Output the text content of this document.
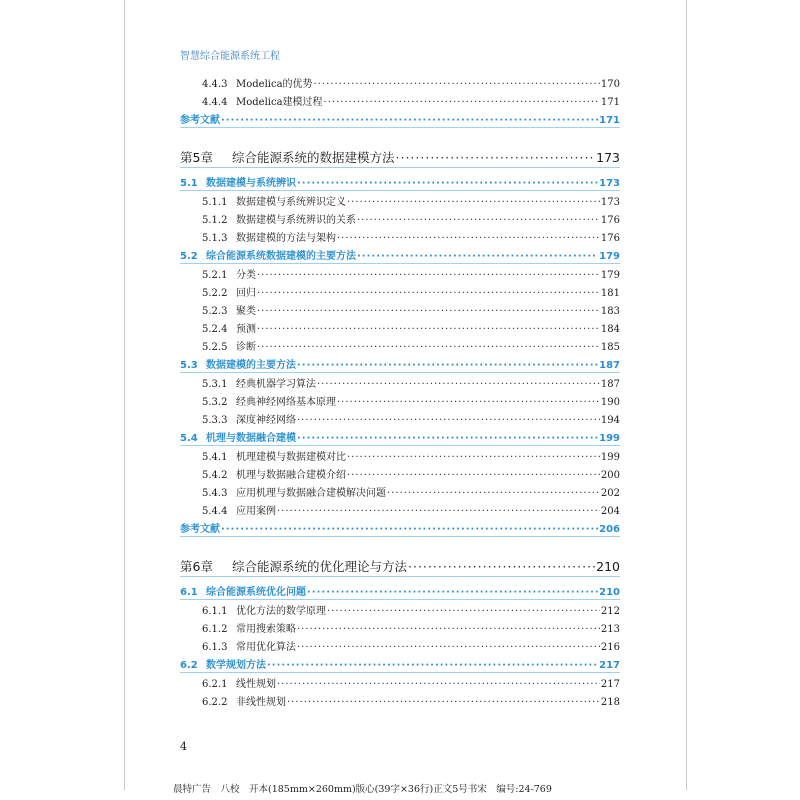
智慧综合能源系统工程
4.4.3 Modelica的优势 ·····	170
4.4.4 Modelica建模过程 ·····	171
参考文献 ·····	171
第5章 综合能源系统的数据建模方法 ·····	173
5.1 数据建模与系统辨识 ·····	173
5.1.1 数据建模与系统辨识定义 ·····	173
5.1.2 数据建模与系统辨识的关系 ·····	176
5.1.3 数据建模的方法与架构 ·····	176
5.2 综合能源系统数据建模的主要方法 ·····	179
5.2.1 分类 ·····	179
5.2.2 回归 ·····	181
5.2.3 聚类 ·····	183
5.2.4 预测 ·····	184
5.2.5 诊断 ·····	185
5.3 数据建模的主要方法 ·····	187
5.3.1 经典机器学习算法 ·····	187
5.3.2 经典神经网络基本原理 ·····	190
5.3.3 深度神经网络 ·····	194
5.4 机理与数据融合建模 ·····	199
5.4.1 机理建模与数据建模对比 ·····	199
5.4.2 机理与数据融合建模介绍 ·····	200
5.4.3 应用机理与数据融合建模解决问题 ·····	202
5.4.4 应用案例 ·····	204
参考文献 ·····	206
第6章 综合能源系统的优化理论与方法 ·····	210
6.1 综合能源系统优化问题 ·····	210
6.1.1 优化方法的数学原理 ·····	212
6.1.2 常用搜索策略 ·····	213
6.1.3 常用优化算法 ·····	216
6.2 数学规划方法 ·····	217
6.2.1 线性规划 ·····	217
6.2.2 非线性规划 ·····	218
4
晨特广告　八校　开本(185mm×260mm)版心(39字×36行)正文5号书宋　编号:24-769
